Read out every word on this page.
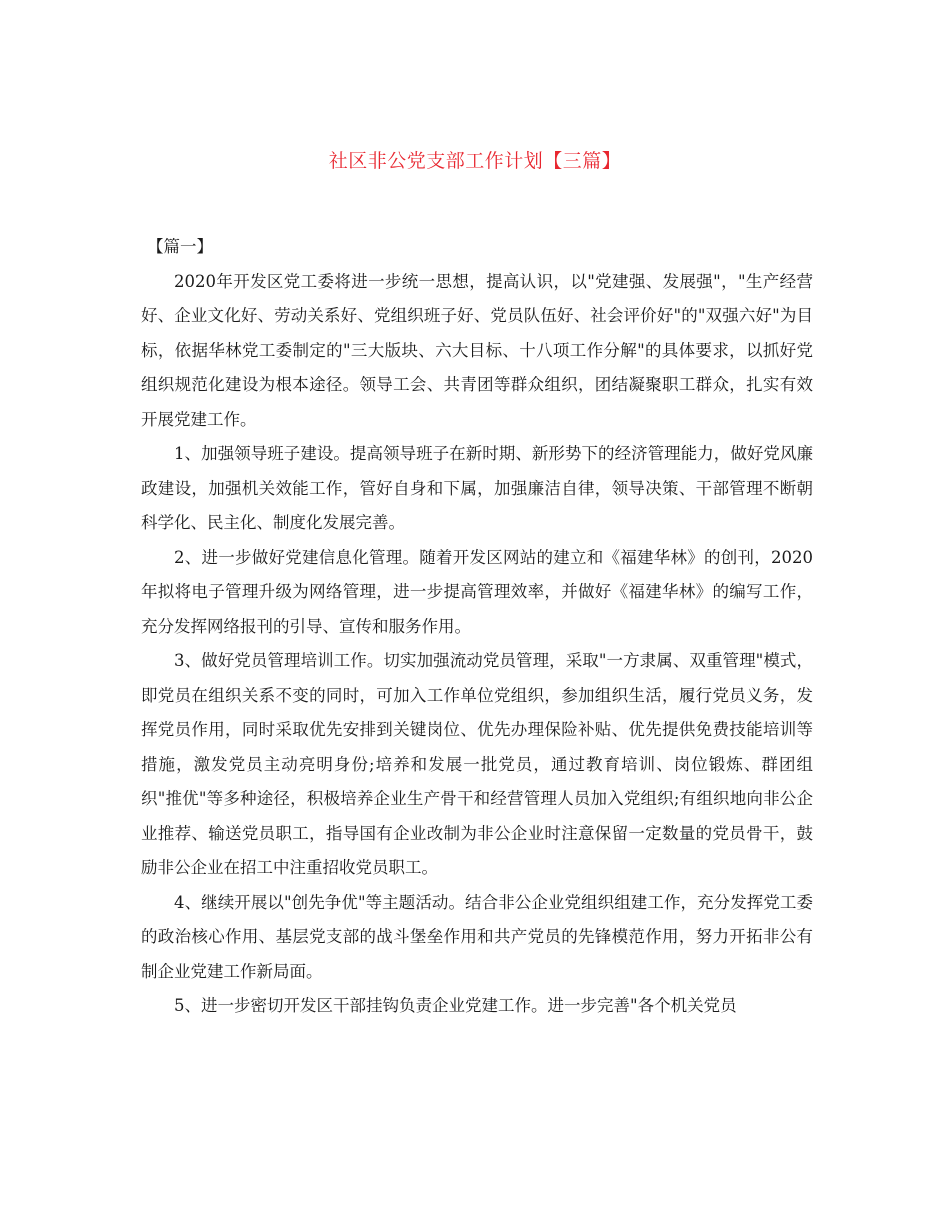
社区非公党支部工作计划【三篇】

【篇一】

2020年开发区党工委将进一步统一思想，提高认识，以"党建强、发展强"，"生产经营好、企业文化好、劳动关系好、党组织班子好、党员队伍好、社会评价好"的"双强六好"为目标，依据华林党工委制定的"三大版块、六大目标、十八项工作分解"的具体要求，以抓好党组织规范化建设为根本途径。领导工会、共青团等群众组织，团结凝聚职工群众，扎实有效开展党建工作。

1、加强领导班子建设。提高领导班子在新时期、新形势下的经济管理能力，做好党风廉政建设，加强机关效能工作，管好自身和下属，加强廉洁自律，领导决策、干部管理不断朝科学化、民主化、制度化发展完善。

2、进一步做好党建信息化管理。随着开发区网站的建立和《福建华林》的创刊，2020年拟将电子管理升级为网络管理，进一步提高管理效率，并做好《福建华林》的编写工作，充分发挥网络报刊的引导、宣传和服务作用。

3、做好党员管理培训工作。切实加强流动党员管理，采取"一方隶属、双重管理"模式，即党员在组织关系不变的同时，可加入工作单位党组织，参加组织生活，履行党员义务，发挥党员作用，同时采取优先安排到关键岗位、优先办理保险补贴、优先提供免费技能培训等措施，激发党员主动亮明身份;培养和发展一批党员，通过教育培训、岗位锻炼、群团组织"推优"等多种途径，积极培养企业生产骨干和经营管理人员加入党组织;有组织地向非公企业推荐、输送党员职工，指导国有企业改制为非公企业时注意保留一定数量的党员骨干，鼓励非公企业在招工中注重招收党员职工。

4、继续开展以"创先争优"等主题活动。结合非公企业党组织组建工作，充分发挥党工委的政治核心作用、基层党支部的战斗堡垒作用和共产党员的先锋模范作用，努力开拓非公有制企业党建工作新局面。

5、进一步密切开发区干部挂钩负责企业党建工作。进一步完善"各个机关党员
